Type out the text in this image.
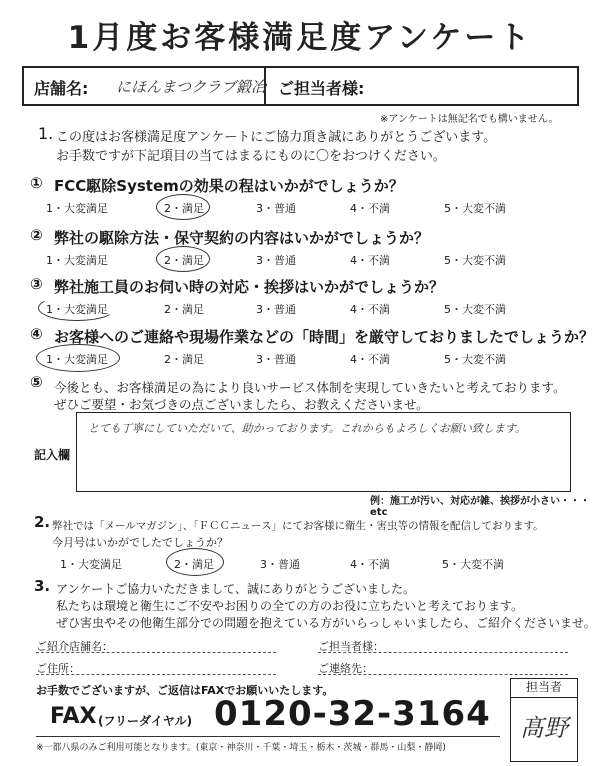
1月度お客様満足度アンケート
店舗名: にほんまつクラブ鍛冶 ご担当者様:
※アンケートは無記名でも構いません。
1. この度はお客様満足度アンケートにご協力頂き誠にありがとうございます。
お手数ですが下記項目の当てはまるにものに〇をおつけください。
① FCC駆除Systemの効果の程はいかがでしょうか？
1・大変満足	2・満足	3・普通	4・不満	5・大変不満
② 弊社の駆除方法・保守契約の内容はいかがでしょうか？
1・大変満足	2・満足	3・普通	4・不満	5・大変不満
③ 弊社施工員のお伺い時の対応・挨拶はいかがでしょうか？
1・大変満足	2・満足	3・普通	4・不満	5・大変不満
④ お客様へのご連絡や現場作業などの「時間」を厳守しておりましたでしょうか？
1・大変満足	2・満足	3・普通	4・不満	5・大変不満
⑤ 今後とも、お客様満足の為により良いサービス体制を実現していきたいと考えております。
ぜひご要望・お気づきの点ございましたら、お教えくださいませ。
記入欄
とても丁寧にしていただいて、助かっております。これからもよろしくお願い致します。
例：施工が汚い、対応が雑、挨拶が小さい・・・etc
2. 弊社では「メールマガジン」、「ＦＣＣニュース」にてお客様に衛生・害虫等の情報を配信しております。
今月号はいかがでしたでしょうか？
1・大変満足	2・満足	3・普通	4・不満	5・大変不満
3. アンケートご協力いただきまして、誠にありがとうございました。
私たちは環境と衛生にご不安やお困りの全ての方のお役に立ちたいと考えております。
ぜひ害虫やその他衛生部分での問題を抱えている方がいらっしゃいましたら、ご紹介くださいませ。
ご紹介店舗名：	ご担当者様：
ご住所：	ご連絡先：
お手数でございますが、ご返信はFAXでお願いいたします。
FAX (フリーダイヤル) 0120-32-3164
※一都八県のみご利用可能となります。(東京・神奈川・千葉・埼玉・栃木・茨城・群馬・山梨・静岡)
担当者
髙野
